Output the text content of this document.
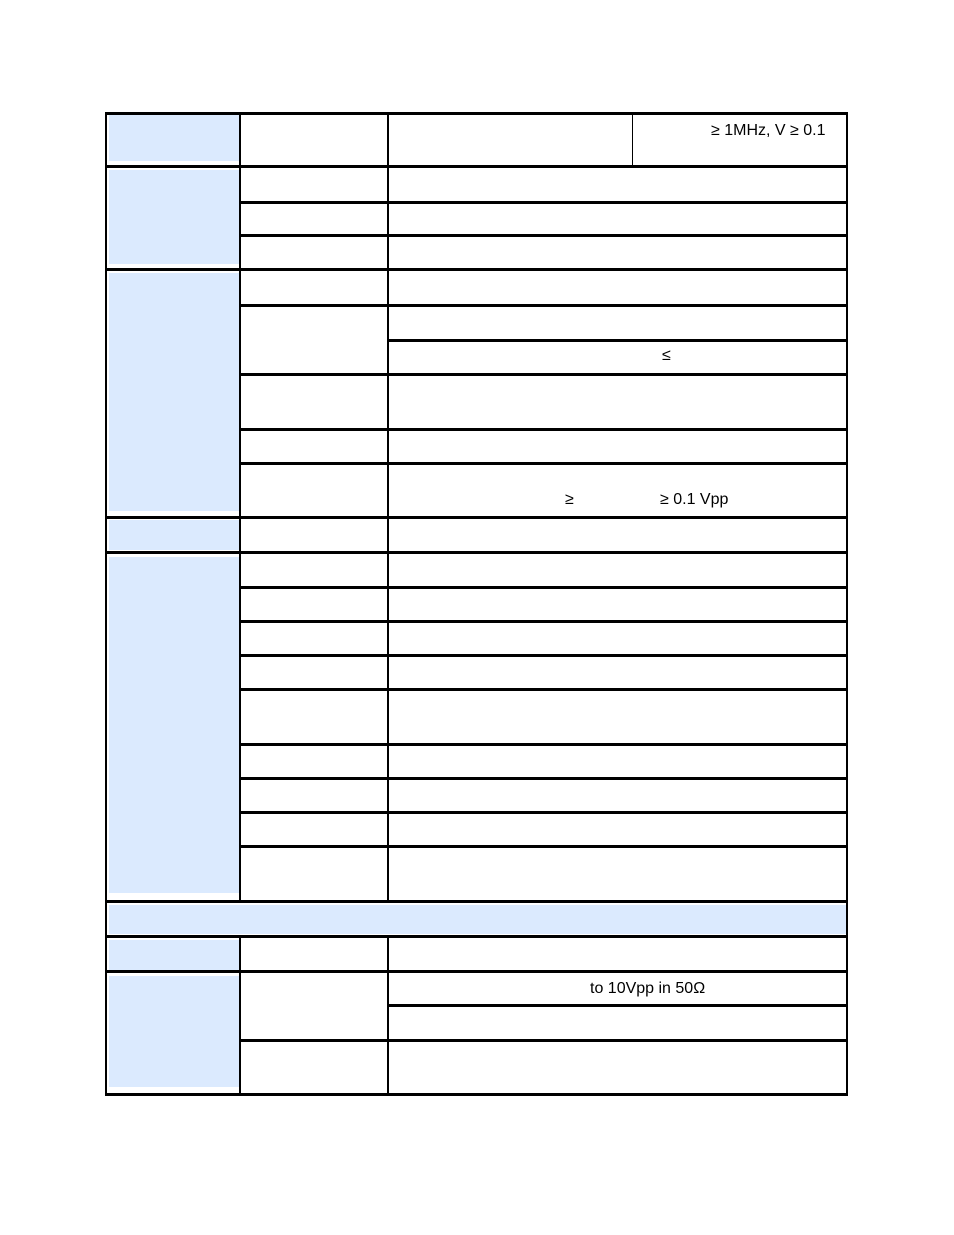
≥ 1MHz, V ≥ 0.1
≤
≥	≥ 0.1 Vpp
to 10Vpp in 50Ω
